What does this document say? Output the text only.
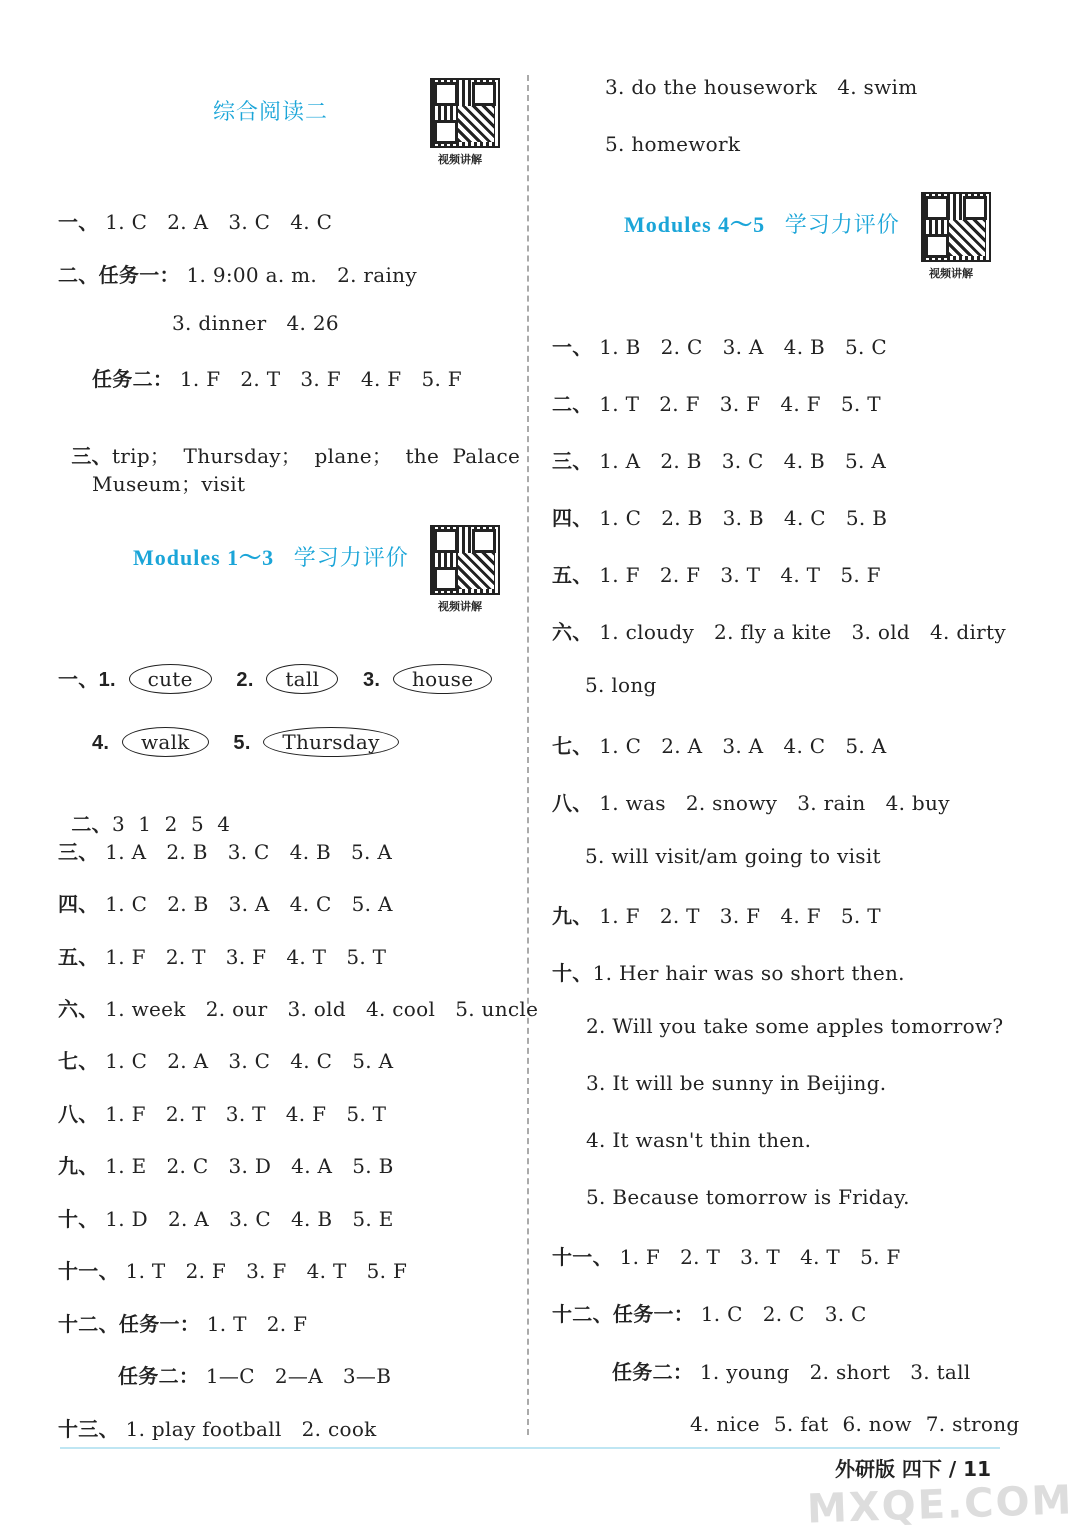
综合阅读二
视频讲解
一、 1. C 2. A 3. C 4. C
二、任务一： 1. 9:00 a. m. 2. rainy
3. dinner 4. 26
任务二： 1. F 2. T 3. F 4. F 5. F

三、trip；  Thursday；  plane；  the  Palace

Museum；visit
Modules 1～3 学习力评价
视频讲解
一、1. cute 2. tall 3. house
4. walk 5. Thursday

二、3  1  2  5  4

三、 1. A 2. B 3. C 4. B 5. A
四、 1. C 2. B 3. A 4. C 5. A
五、 1. F 2. T 3. F 4. T 5. T
六、 1. week 2. our 3. old 4. cool 5. uncle
七、 1. C 2. A 3. C 4. C 5. A
八、 1. F 2. T 3. T 4. F 5. T
九、 1. E 2. C 3. D 4. A 5. B
十、 1. D 2. A 3. C 4. B 5. E
十一、 1. T 2. F 3. F 4. T 5. F
十二、任务一： 1. T 2. F
任务二： 1—C 2—A 3—B
十三、 1. play football 2. cook
3. do the housework 4. swim
5. homework
Modules 4～5 学习力评价
视频讲解
一、 1. B 2. C 3. A 4. B 5. C
二、 1. T 2. F 3. F 4. F 5. T
三、 1. A 2. B 3. C 4. B 5. A
四、 1. C 2. B 3. B 4. C 5. B
五、 1. F 2. F 3. T 4. T 5. F
六、 1. cloudy 2. fly a kite 3. old 4. dirty
5. long
七、 1. C 2. A 3. A 4. C 5. A
八、 1. was 2. snowy 3. rain 4. buy
5. will visit/am going to visit
九、 1. F 2. T 3. F 4. F 5. T
十、1. Her hair was so short then.
2. Will you take some apples tomorrow?
3. It will be sunny in Beijing.
4. It wasn't thin then.
5. Because tomorrow is Friday.
十一、 1. F 2. T 3. T 4. T 5. F
十二、任务一： 1. C 2. C 3. C
任务二： 1. young 2. short 3. tall
4. nice 5. fat 6. now 7. strong
外研版 四下 / 11
MXQE.COM
